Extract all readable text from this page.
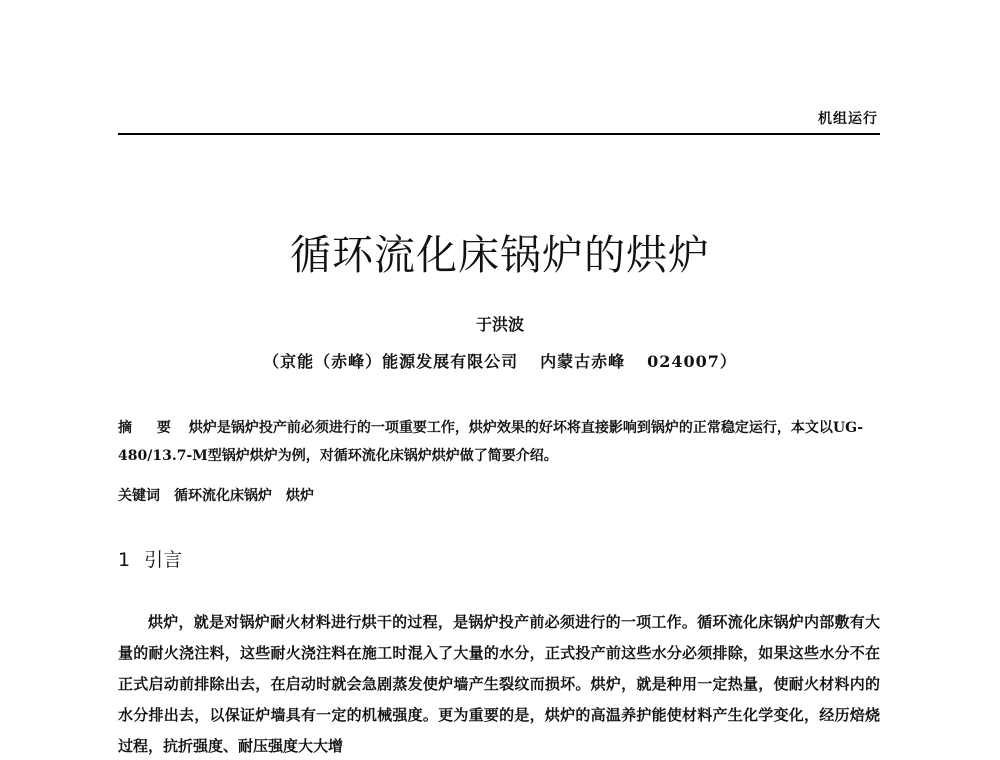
机组运行
循环流化床锅炉的烘炉
于洪波
（京能（赤峰）能源发展有限公司 内蒙古赤峰 024007）
摘 要 烘炉是锅炉投产前必须进行的一项重要工作，烘炉效果的好坏将直接影响到锅炉的正常稳定运行，本文以UG-480/13.7-M型锅炉烘炉为例，对循环流化床锅炉烘炉做了简要介绍。
关键词 循环流化床锅炉　烘炉
1 引言

烘炉，就是对锅炉耐火材料进行烘干的过程，是锅炉投产前必须进行的一项工作。循环流化床锅炉内部敷有大量的耐火浇注料，这些耐火浇注料在施工时混入了大量的水分，正式投产前这些水分必须排除，如果这些水分不在正式启动前排除出去，在启动时就会急剧蒸发使炉墙产生裂纹而损坏。烘炉，就是种用一定热量，使耐火材料内的水分排出去，以保证炉墙具有一定的机械强度。更为重要的是，烘炉的高温养护能使材料产生化学变化，经历焙烧过程，抗折强度、耐压强度大大增
